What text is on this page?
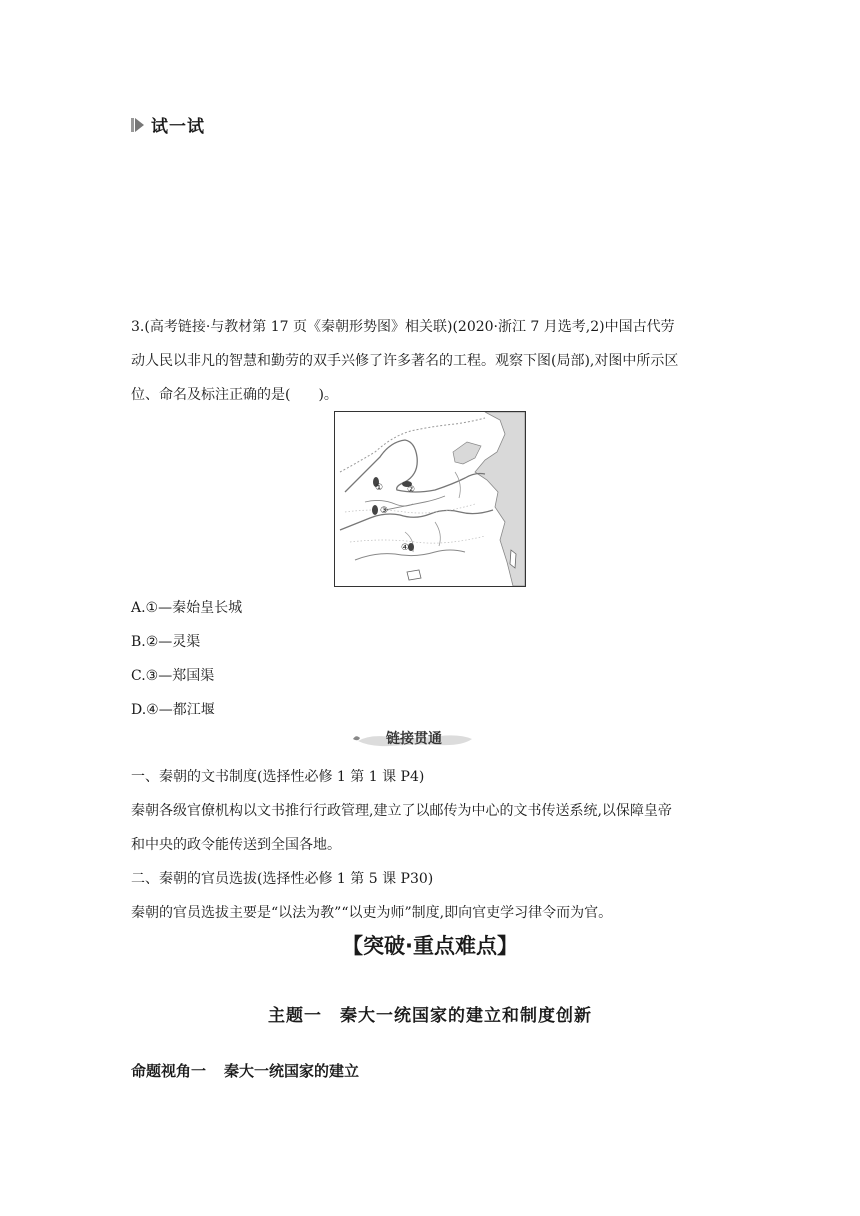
试一试
3.(高考链接·与教材第 17 页《秦朝形势图》相关联)(2020·浙江 7 月选考,2)中国古代劳
动人民以非凡的智慧和勤劳的双手兴修了许多著名的工程。观察下图(局部),对图中所示区
位、命名及标注正确的是(　　)。
①	②
③
④
A.①—秦始皇长城
B.②—灵渠
C.③—郑国渠
D.④—都江堰
链接贯通
一、秦朝的文书制度(选择性必修 1 第 1 课 P4)
秦朝各级官僚机构以文书推行行政管理,建立了以邮传为中心的文书传送系统,以保障皇帝
和中央的政令能传送到全国各地。
二、秦朝的官员选拔(选择性必修 1 第 5 课 P30)
秦朝的官员选拔主要是“以法为教”“以吏为师”制度,即向官吏学习律令而为官。
【突破·重点难点】
主题一 秦大一统国家的建立和制度创新
命题视角一 秦大一统国家的建立
